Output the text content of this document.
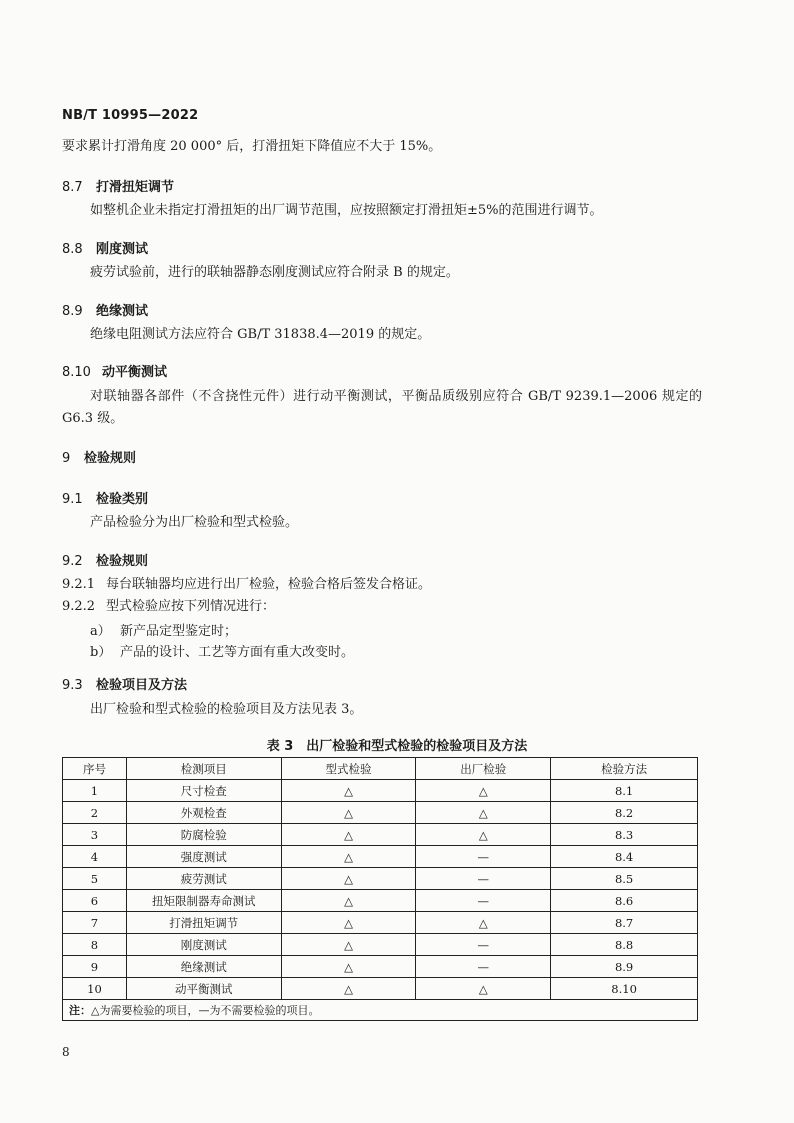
NB/T 10995—2022

要求累计打滑角度 20 000° 后，打滑扭矩下降值应不大于 15%。

8.7 打滑扭矩调节

如整机企业未指定打滑扭矩的出厂调节范围，应按照额定打滑扭矩±5%的范围进行调节。

8.8 刚度测试

疲劳试验前，进行的联轴器静态刚度测试应符合附录 B 的规定。

8.9 绝缘测试

绝缘电阻测试方法应符合 GB/T 31838.4—2019 的规定。

8.10 动平衡测试

对联轴器各部件（不含挠性元件）进行动平衡测试，平衡品质级别应符合 GB/T 9239.1—2006 规定的 G6.3 级。

9 检验规则
9.1 检验类别

产品检验分为出厂检验和型式检验。

9.2 检验规则
9.2.1 每台联轴器均应进行出厂检验，检验合格后签发合格证。
9.2.2 型式检验应按下列情况进行：
a） 新产品定型鉴定时；
b） 产品的设计、工艺等方面有重大改变时。
9.3 检验项目及方法

出厂检验和型式检验的检验项目及方法见表 3。

表 3　出厂检验和型式检验的检验项目及方法
序号	检测项目	型式检验	出厂检验	检验方法
1	尺寸检查	△	△	8.1
2	外观检查	△	△	8.2
3	防腐检验	△	△	8.3
4	强度测试	△	—	8.4
5	疲劳测试	△	—	8.5
6	扭矩限制器寿命测试	△	—	8.6
7	打滑扭矩调节	△	△	8.7
8	刚度测试	△	—	8.8
9	绝缘测试	△	—	8.9
10	动平衡测试	△	△	8.10
注：△为需要检验的项目，—为不需要检验的项目。				
8
